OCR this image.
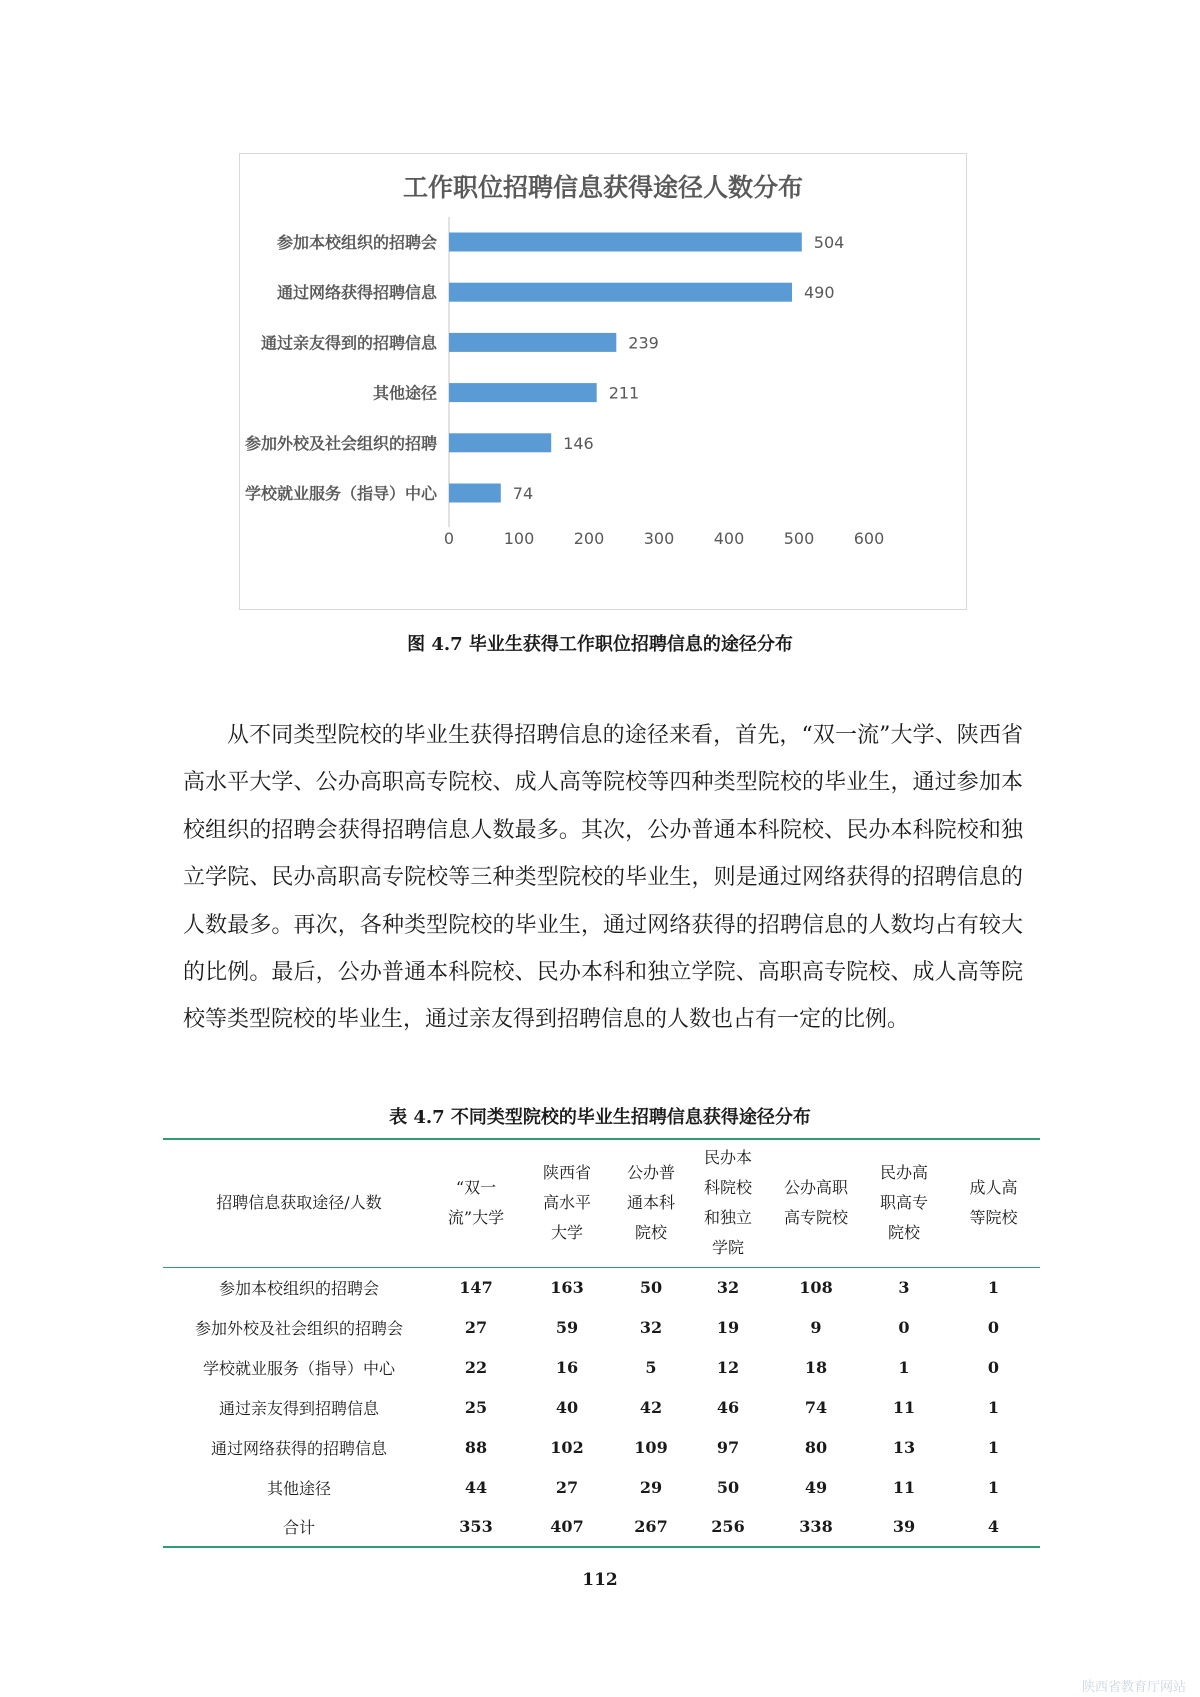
工作职位招聘信息获得途径人数分布
参加本校组织的招聘会	504
通过网络获得招聘信息	490
通过亲友得到的招聘信息	239
其他途径	211
参加外校及社会组织的招聘	146
学校就业服务（指导）中心	74
0	100 200 300 400 500 600
图 4.7 毕业生获得工作职位招聘信息的途径分布

从不同类型院校的毕业生获得招聘信息的途径来看，首先，“双一流”大学、陕西省高水平大学、公办高职高专院校、成人高等院校等四种类型院校的毕业生，通过参加本校组织的招聘会获得招聘信息人数最多。其次，公办普通本科院校、民办本科院校和独立学院、民办高职高专院校等三种类型院校的毕业生，则是通过网络获得的招聘信息的人数最多。再次，各种类型院校的毕业生，通过网络获得的招聘信息的人数均占有较大的比例。最后，公办普通本科院校、民办本科和独立学院、高职高专院校、成人高等院校等类型院校的毕业生，通过亲友得到招聘信息的人数也占有一定的比例。

表 4.7 不同类型院校的毕业生招聘信息获得途径分布
招聘信息获取途径/人数	“双一流”大学	陕西省高水平大学	公办普通本科院校	民办本科院校和独立学院	公办高职高专院校	民办高职高专院校	成人高等院校
参加本校组织的招聘会	147	163	50	32	108	3	1
参加外校及社会组织的招聘会	27	59	32	19	9	0	0
学校就业服务（指导）中心	22	16	5	12	18	1	0
通过亲友得到招聘信息	25	40	42	46	74	11	1
通过网络获得的招聘信息	88	102	109	97	80	13	1
其他途径	44	27	29	50	49	11	1
合计	353	407	267	256	338	39	4
112
陕西省教育厅网站
